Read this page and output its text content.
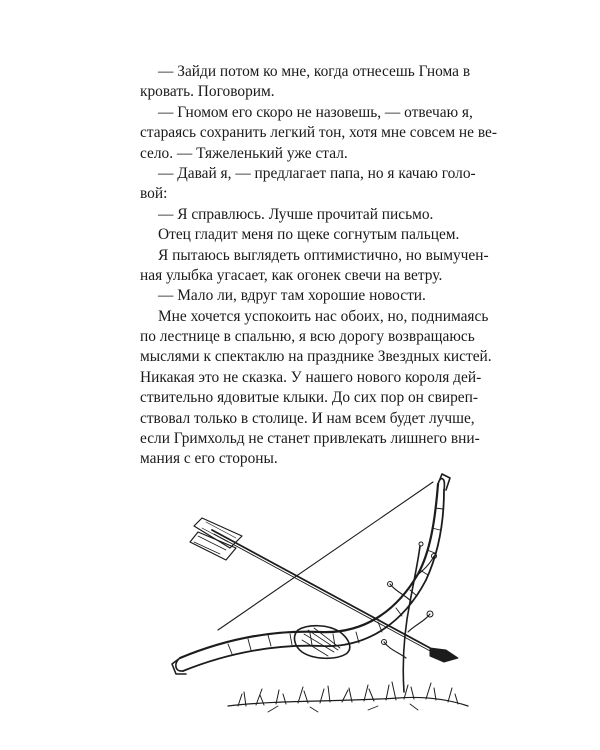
— Зайди потом ко мне, когда отнесешь Гнома в
кровать. Поговорим.
— Гномом его скоро не назовешь, — отвечаю я,
стараясь сохранить легкий тон, хотя мне совсем не ве-
село. — Тяжеленький уже стал.
— Давай я, — предлагает папа, но я качаю голо-
вой:
— Я справлюсь. Лучше прочитай письмо.
Отец гладит меня по щеке согнутым пальцем.
Я пытаюсь выглядеть оптимистично, но вымучен-
ная улыбка угасает, как огонек свечи на ветру.
— Мало ли, вдруг там хорошие новости.
Мне хочется успокоить нас обоих, но, поднимаясь
по лестнице в спальню, я всю дорогу возвращаюсь
мыслями к спектаклю на празднике Звездных кистей.
Никакая это не сказка. У нашего нового короля дей-
ствительно ядовитые клыки. До сих пор он свиреп-
ствовал только в столице. И нам всем будет лучше,
если Гримхольд не станет привлекать лишнего вни-
мания с его стороны.
